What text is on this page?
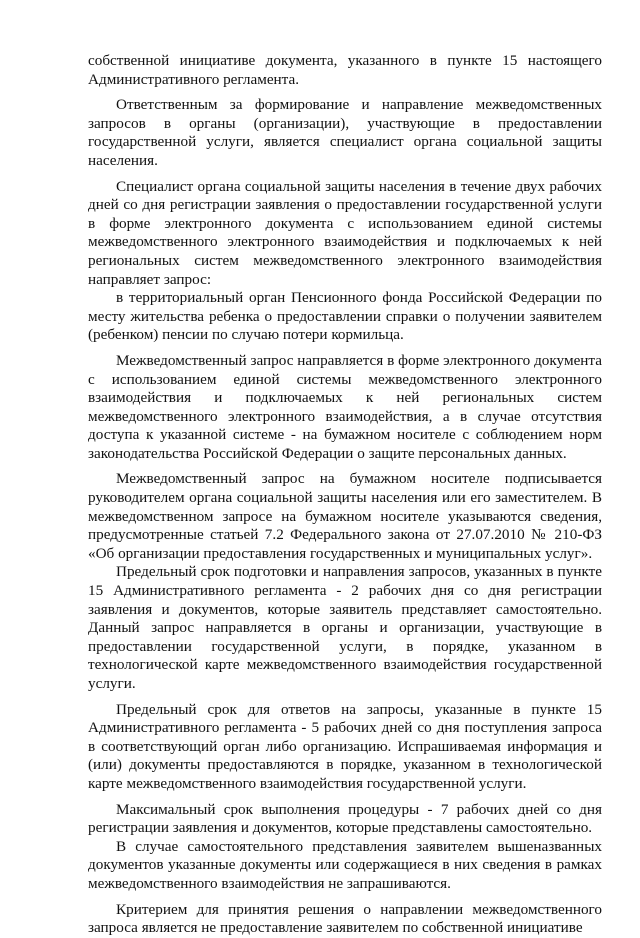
собственной инициативе документа, указанного в пункте 15 настоящего Административного регламента.

Ответственным за формирование и направление межведомственных запросов в органы (организации), участвующие в предоставлении государственной услуги, является специалист органа социальной защиты населения.

Специалист органа социальной защиты населения в течение двух рабочих дней со дня регистрации заявления о предоставлении государственной услуги в форме электронного документа с использованием единой системы межведомственного электронного взаимодействия и подключаемых к ней региональных систем межведомственного электронного взаимодействия направляет запрос:

в территориальный орган Пенсионного фонда Российской Федерации по месту жительства ребенка о предоставлении справки о получении заявителем (ребенком) пенсии по случаю потери кормильца.

Межведомственный запрос направляется в форме электронного документа с использованием единой системы межведомственного электронного взаимодействия и подключаемых к ней региональных систем межведомственного электронного взаимодействия, а в случае отсутствия доступа к указанной системе - на бумажном носителе с соблюдением норм законодательства Российской Федерации о защите персональных данных.

Межведомственный запрос на бумажном носителе подписывается руководителем органа социальной защиты населения или его заместителем. В межведомственном запросе на бумажном носителе указываются сведения, предусмотренные статьей 7.2 Федерального закона от 27.07.2010 № 210-ФЗ «Об организации предоставления государственных и муниципальных услуг».

Предельный срок подготовки и направления запросов, указанных в пункте 15 Административного регламента - 2 рабочих дня со дня регистрации заявления и документов, которые заявитель представляет самостоятельно. Данный запрос направляется в органы и организации, участвующие в предоставлении государственной услуги, в порядке, указанном в технологической карте межведомственного взаимодействия государственной услуги.

Предельный срок для ответов на запросы, указанные в пункте 15 Административного регламента - 5 рабочих дней со дня поступления запроса в соответствующий орган либо организацию. Испрашиваемая информация и (или) документы предоставляются в порядке, указанном в технологической карте межведомственного взаимодействия государственной услуги.

Максимальный срок выполнения процедуры - 7 рабочих дней со дня регистрации заявления и документов, которые представлены самостоятельно.

В случае самостоятельного представления заявителем вышеназванных документов указанные документы или содержащиеся в них сведения в рамках межведомственного взаимодействия не запрашиваются.

Критерием для принятия решения о направлении межведомственного запроса является не предоставление заявителем по собственной инициативе
